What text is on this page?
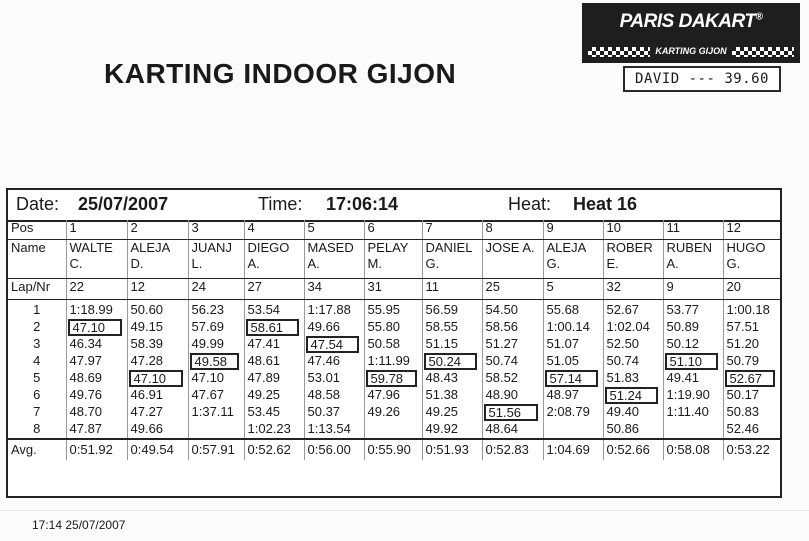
KARTING INDOOR GIJON
PARIS DAKART®
KARTING GIJON
DAVID --- 39.60
Date: 25/07/2007	Time: 17:06:14	Heat: Heat 16
Pos	1	2	3	4	5	6	7	8	9	10	11	12
Name	WALTE C.	ALEJA D.	JUANJ L.	DIEGO A.	MASED A.	PELAY M.	DANIEL G.	JOSE A.	ALEJA G.	ROBER E.	RUBEN A.	HUGO G.
Lap/Nr	22	12	24	27	34	31	11	25	5	32	9	20

1	1:18.99	50.60	56.23	53.54	1:17.88	55.95	56.59	54.50	55.68	52.67	53.77	1:00.18
2	47.10	49.15	57.69	58.61	49.66	55.80	58.55	58.56	1:00.14	1:02.04	50.89	57.51
3	46.34	58.39	49.99	47.41	47.54	50.58	51.15	51.27	51.07	52.50	50.12	51.20
4	47.97	47.28	49.58	48.61	47.46	1:11.99	50.24	50.74	51.05	50.74	51.10	50.79
5	48.69	47.10	47.10	47.89	53.01	59.78	48.43	58.52	57.14	51.83	49.41	52.67

6	49.76	46.91	47.67	49.25	48.58	47.96	51.38	48.90	48.97	51.24	1:19.90	50.17
7	48.70	47.27	1:37.11	53.45	50.37	49.26	49.25	51.56	2:08.79	49.40	1:11.40	50.83
8	47.87	49.66		1:02.23	1:13.54		49.92	48.64		50.86		52.46
Avg.	0:51.92	0:49.54	0:57.91	0:52.62	0:56.00	0:55.90	0:51.93	0:52.83	1:04.69	0:52.66	0:58.08	0:53.22
17:14 25/07/2007
